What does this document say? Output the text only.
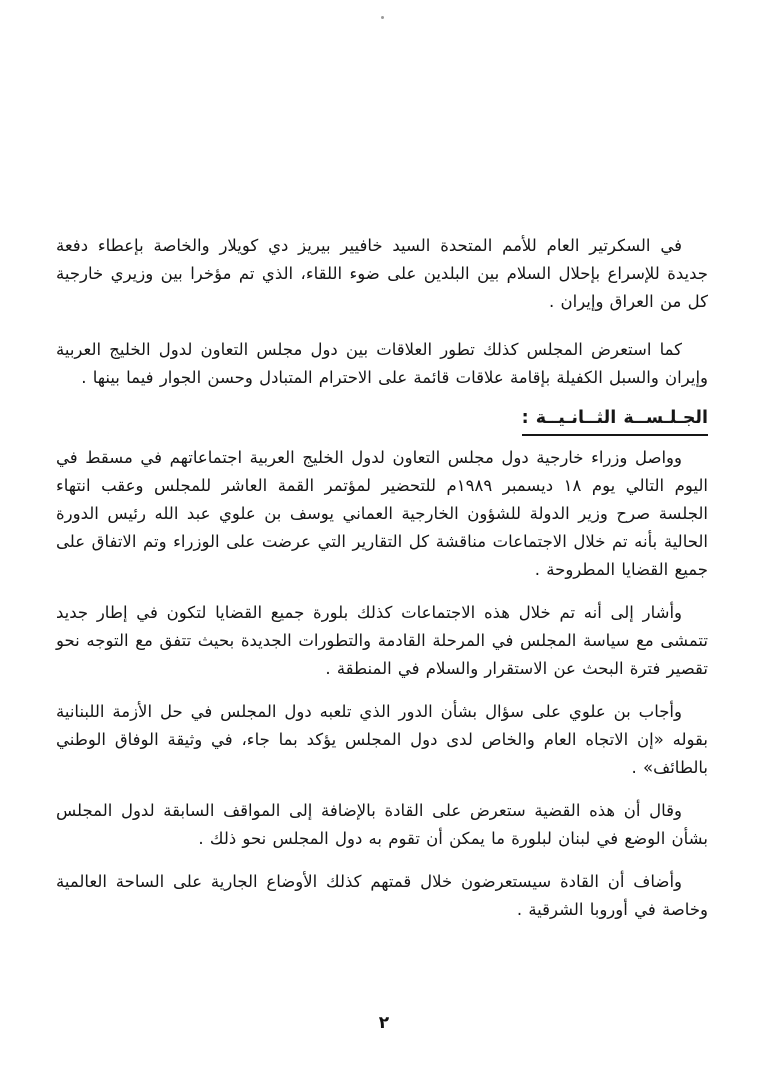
في السكرتير العام للأمم المتحدة السيد خافيير بيريز دي كويلار والخاصة بإعطاء دفعة جديدة للإسراع بإحلال السلام بين البلدين على ضوء اللقاء، الذي تم مؤخرا بين وزيري خارجية كل من العراق وإيران .

كما استعرض المجلس كذلك تطور العلاقات بين دول مجلس التعاون لدول الخليج العربية وإيران والسبل الكفيلة بإقامة علاقات قائمة على الاحترام المتبادل وحسن الجوار فيما بينها .

الجـلـســة الثــانـيــة :

وواصل وزراء خارجية دول مجلس التعاون لدول الخليج العربية اجتماعاتهم في مسقط في اليوم التالي يوم ١٨ ديسمبر ١٩٨٩م للتحضير لمؤتمر القمة العاشر للمجلس وعقب انتهاء الجلسة صرح وزير الدولة للشؤون الخارجية العماني يوسف بن علوي عبد الله رئيس الدورة الحالية بأنه تم خلال الاجتماعات مناقشة كل التقارير التي عرضت على الوزراء وتم الاتفاق على جميع القضايا المطروحة .

وأشار إلى أنه تم خلال هذه الاجتماعات كذلك بلورة جميع القضايا لتكون في إطار جديد تتمشى مع سياسة المجلس في المرحلة القادمة والتطورات الجديدة بحيث تتفق مع التوجه نحو تقصير فترة البحث عن الاستقرار والسلام في المنطقة .

وأجاب بن علوي على سؤال بشأن الدور الذي تلعبه دول المجلس في حل الأزمة اللبنانية بقوله «إن الاتجاه العام والخاص لدى دول المجلس يؤكد بما جاء، في وثيقة الوفاق الوطني بالطائف» .

وقال أن هذه القضية ستعرض على القادة بالإضافة إلى المواقف السابقة لدول المجلس بشأن الوضع في لبنان لبلورة ما يمكن أن تقوم به دول المجلس نحو ذلك .

وأضاف أن القادة سيستعرضون خلال قمتهم كذلك الأوضاع الجارية على الساحة العالمية وخاصة في أوروبا الشرقية .

٢
